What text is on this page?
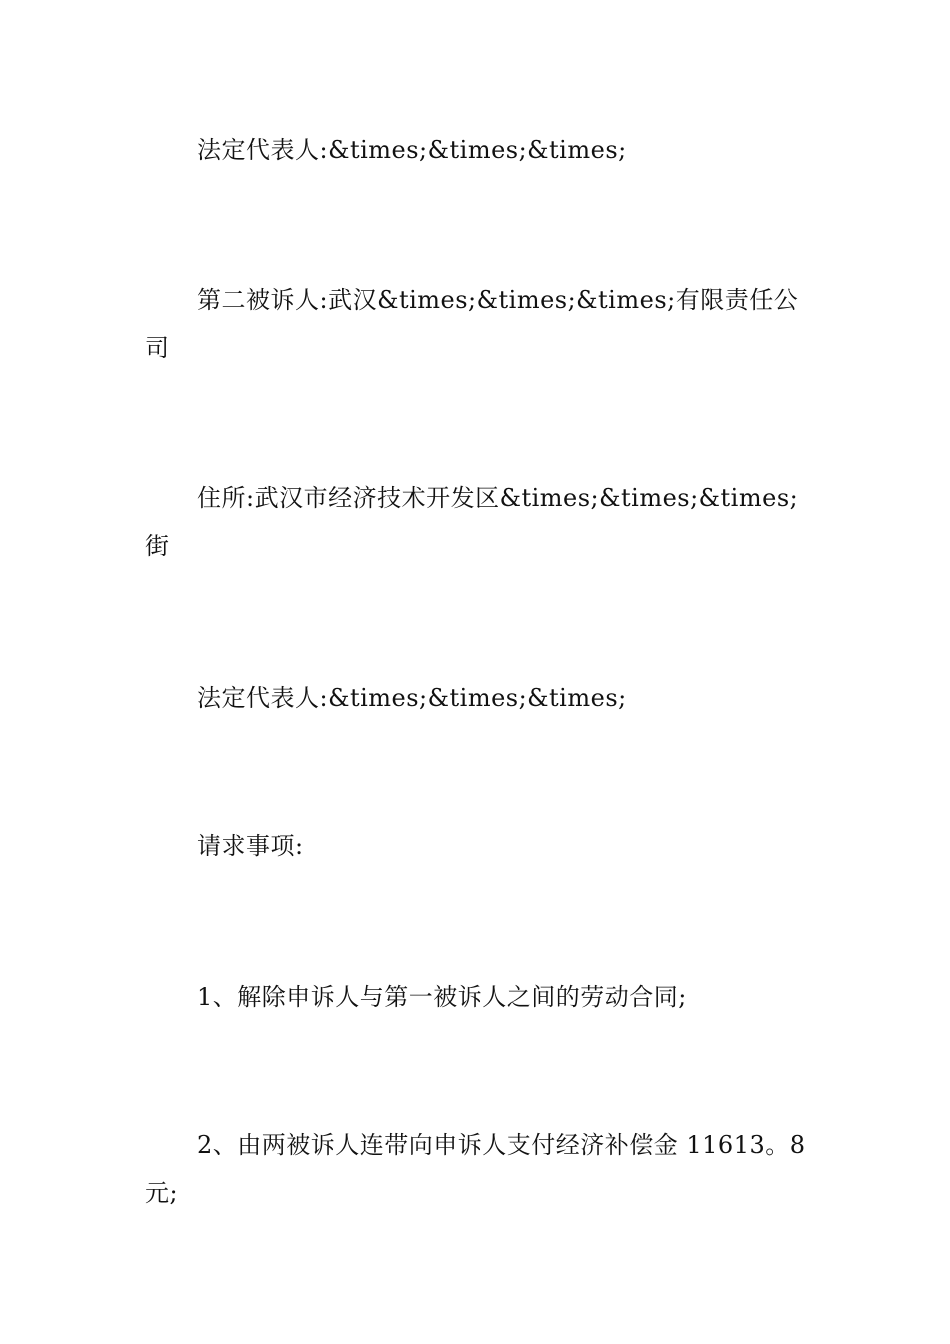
法定代表人:&times;&times;&times;

第二被诉人:武汉&times;&times;&times;有限责任公司

住所:武汉市经济技术开发区&times;&times;&times;街

法定代表人:&times;&times;&times;

请求事项:

1、解除申诉人与第一被诉人之间的劳动合同;

2、由两被诉人连带向申诉人支付经济补偿金 11613。8元;
